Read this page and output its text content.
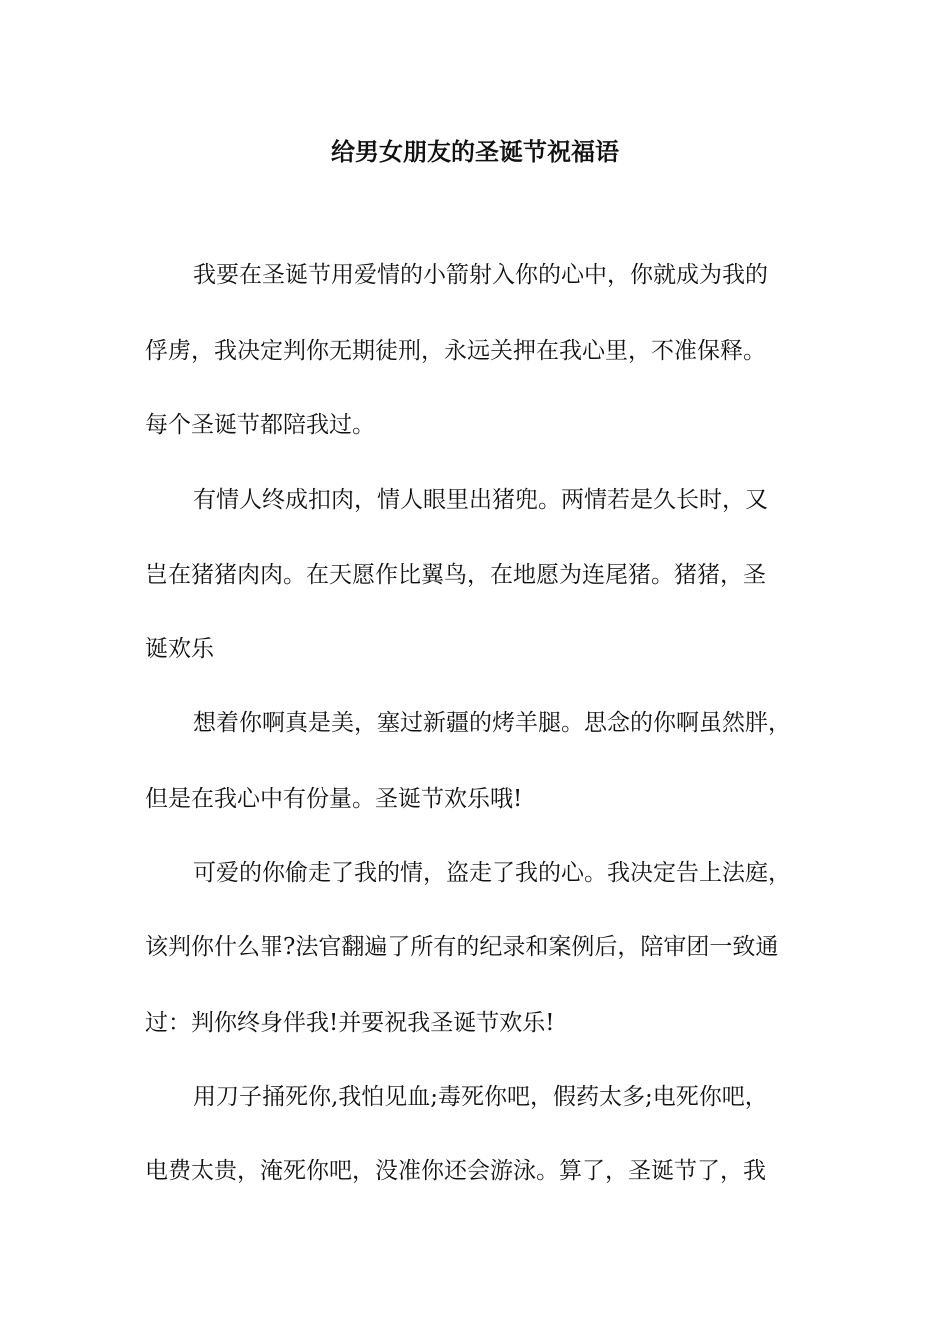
给男女朋友的圣诞节祝福语
我要在圣诞节用爱情的小箭射入你的心中，你就成为我的
俘虏，我决定判你无期徒刑，永远关押在我心里，不准保释。
每个圣诞节都陪我过。
有情人终成扣肉，情人眼里出猪兜。两情若是久长时，又
岂在猪猪肉肉。在天愿作比翼鸟，在地愿为连尾猪。猪猪，圣
诞欢乐
想着你啊真是美，塞过新疆的烤羊腿。思念的你啊虽然胖，
但是在我心中有份量。圣诞节欢乐哦!
可爱的你偷走了我的情，盗走了我的心。我决定告上法庭，
该判你什么罪?法官翻遍了所有的纪录和案例后，陪审团一致通
过：判你终身伴我!并要祝我圣诞节欢乐!
用刀子捅死你,我怕见血;毒死你吧，假药太多;电死你吧，
电费太贵，淹死你吧，没准你还会游泳。算了，圣诞节了，我
